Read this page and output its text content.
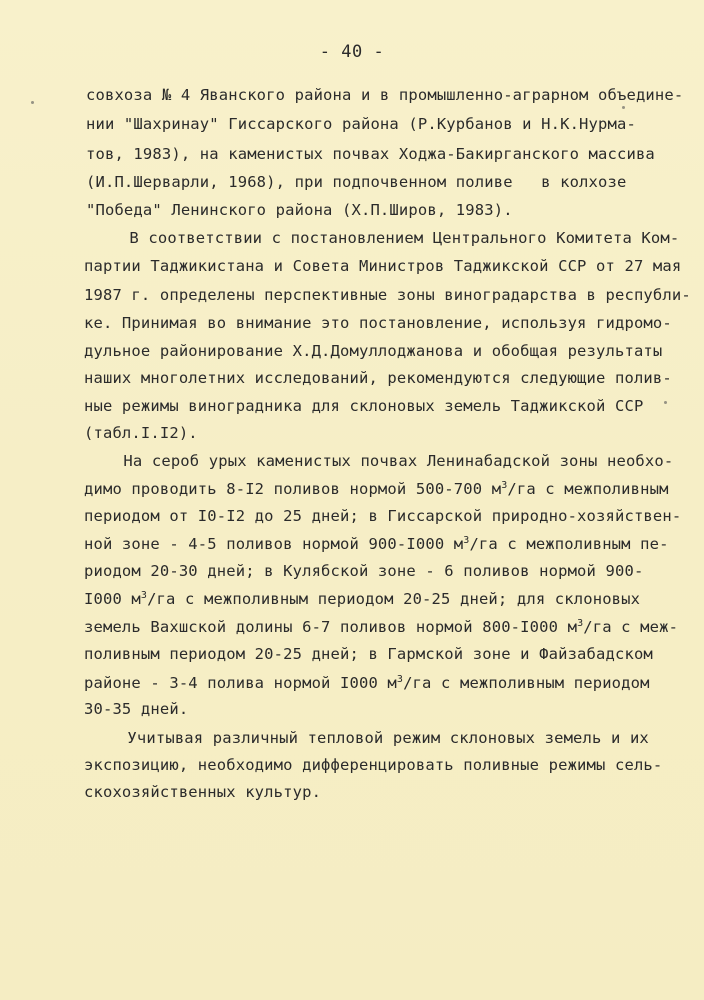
- 40 -
совхоза № 4 Яванского района и в промышленно-аграрном объедине-
нии "Шахринау" Гиссарского района (Р.Курбанов и Н.К.Нурма-
тов, 1983), на каменистых почвах Ходжа-Бакирганского массива
(И.П.Шерварли, 1968), при подпочвенном поливе   в колхозе
"Победа" Ленинского района (Х.П.Широв, 1983).
В соответствии с постановлением Центрального Комитета Ком-
партии Таджикистана и Совета Министров Таджикской ССР от 27 мая
1987 г. определены перспективные зоны виноградарства в республи-
ке. Принимая во внимание это постановление, используя гидромо-
дульное районирование Х.Д.Домуллоджанова и обобщая результаты
наших многолетних исследований, рекомендуются следующие полив-
ные режимы виноградника для склоновых земель Таджикской ССР
(табл.I.I2).
На сероб урых каменистых почвах Ленинабадской зоны необхо-
димо проводить 8-I2 поливов нормой 500-700 $м^3/га$ с межполивным
периодом от I0-I2 до 25 дней; в Гиссарской природно-хозяйствен-
ной зоне - 4-5 поливов нормой 900-I000 $м^3/га$ с межполивным пе-
риодом 20-30 дней; в Кулябской зоне - 6 поливов нормой 900-
I000 $м^3/га$ с межполивным периодом 20-25 дней; для склоновых
земель Вахшской долины 6-7 поливов нормой 800-I000 $м^3/га$ с меж-
поливным периодом 20-25 дней; в Гармской зоне и Файзабадском
районе - 3-4 полива нормой I000 $м^3/га$ с межполивным периодом
30-35 дней.
Учитывая различный тепловой режим склоновых земель и их
экспозицию, необходимо дифференцировать поливные режимы сель-
скохозяйственных культур.
